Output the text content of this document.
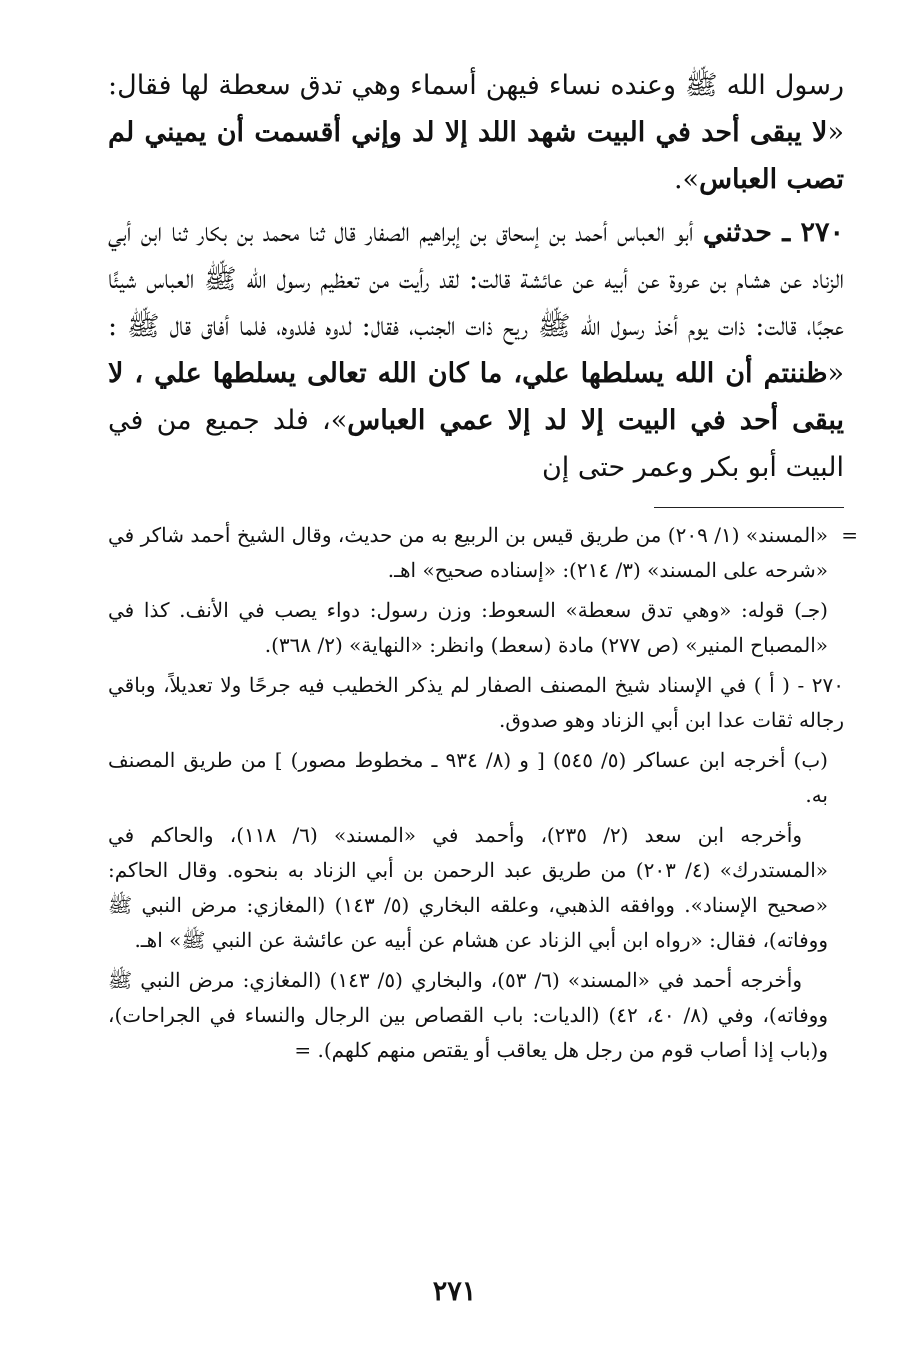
رسول الله ﷺ وعنده نساء فيهن أسماء وهي تدق سعطة لها فقال: «لا يبقى أحد في البيت شهد اللد إلا لد وإني أقسمت أن يميني لم تصب العباس».

٢٧٠ ـ حدثني أبو العباس أحمد بن إسحاق بن إبراهيم الصفار قال ثنا محمد بن بكار ثنا ابن أبي الزناد عن هشام بن عروة عن أبيه عن عائشة قالت: لقد رأيت من تعظيم رسول الله ﷺ العباس شيئًا عجبًا، قالت: ذات يوم أخذ رسول الله ﷺ ريح ذات الجنب، فقال: لدوه فلدوه، فلما أفاق قال ﷺ : «ظننتم أن الله يسلطها علي، ما كان الله تعالى يسلطها علي ، لا يبقى أحد في البيت إلا لد إلا عمي العباس»، فلد جميع من في البيت أبو بكر وعمر حتى إن

=
«المسند» (١/ ٢٠٩) من طريق قيس بن الربيع به من حديث، وقال الشيخ أحمد شاكر في «شرحه على المسند» (٣/ ٢١٤): «إسناده صحيح» اهـ.

(جـ) قوله: «وهي تدق سعطة» السعوط: وزن رسول: دواء يصب في الأنف. كذا في «المصباح المنير» (ص ٢٧٧) مادة (سعط) وانظر: «النهاية» (٢/ ٣٦٨).

٢٧٠ - ( أ ) في الإسناد شيخ المصنف الصفار لم يذكر الخطيب فيه جرحًا ولا تعديلاً، وباقي رجاله ثقات عدا ابن أبي الزناد وهو صدوق.

(ب) أخرجه ابن عساكر (٥/ ٥٤٥) [ و (٨/ ٩٣٤ ـ مخطوط مصور) ] من طريق المصنف به.

وأخرجه ابن سعد (٢/ ٢٣٥)، وأحمد في «المسند» (٦/ ١١٨)، والحاكم في «المستدرك» (٤/ ٢٠٣) من طريق عبد الرحمن بن أبي الزناد به بنحوه. وقال الحاكم: «صحيح الإسناد». ووافقه الذهبي، وعلقه البخاري (٥/ ١٤٣) (المغازي: مرض النبي ﷺ ووفاته)، فقال: «رواه ابن أبي الزناد عن هشام عن أبيه عن عائشة عن النبي ﷺ» اهـ.

وأخرجه أحمد في «المسند» (٦/ ٥٣)، والبخاري (٥/ ١٤٣) (المغازي: مرض النبي ﷺ ووفاته)، وفي (٨/ ٤٠، ٤٢) (الديات: باب القصاص بين الرجال والنساء في الجراحات)، و(باب إذا أصاب قوم من رجل هل يعاقب أو يقتص منهم كلهم). =

٢٧١
